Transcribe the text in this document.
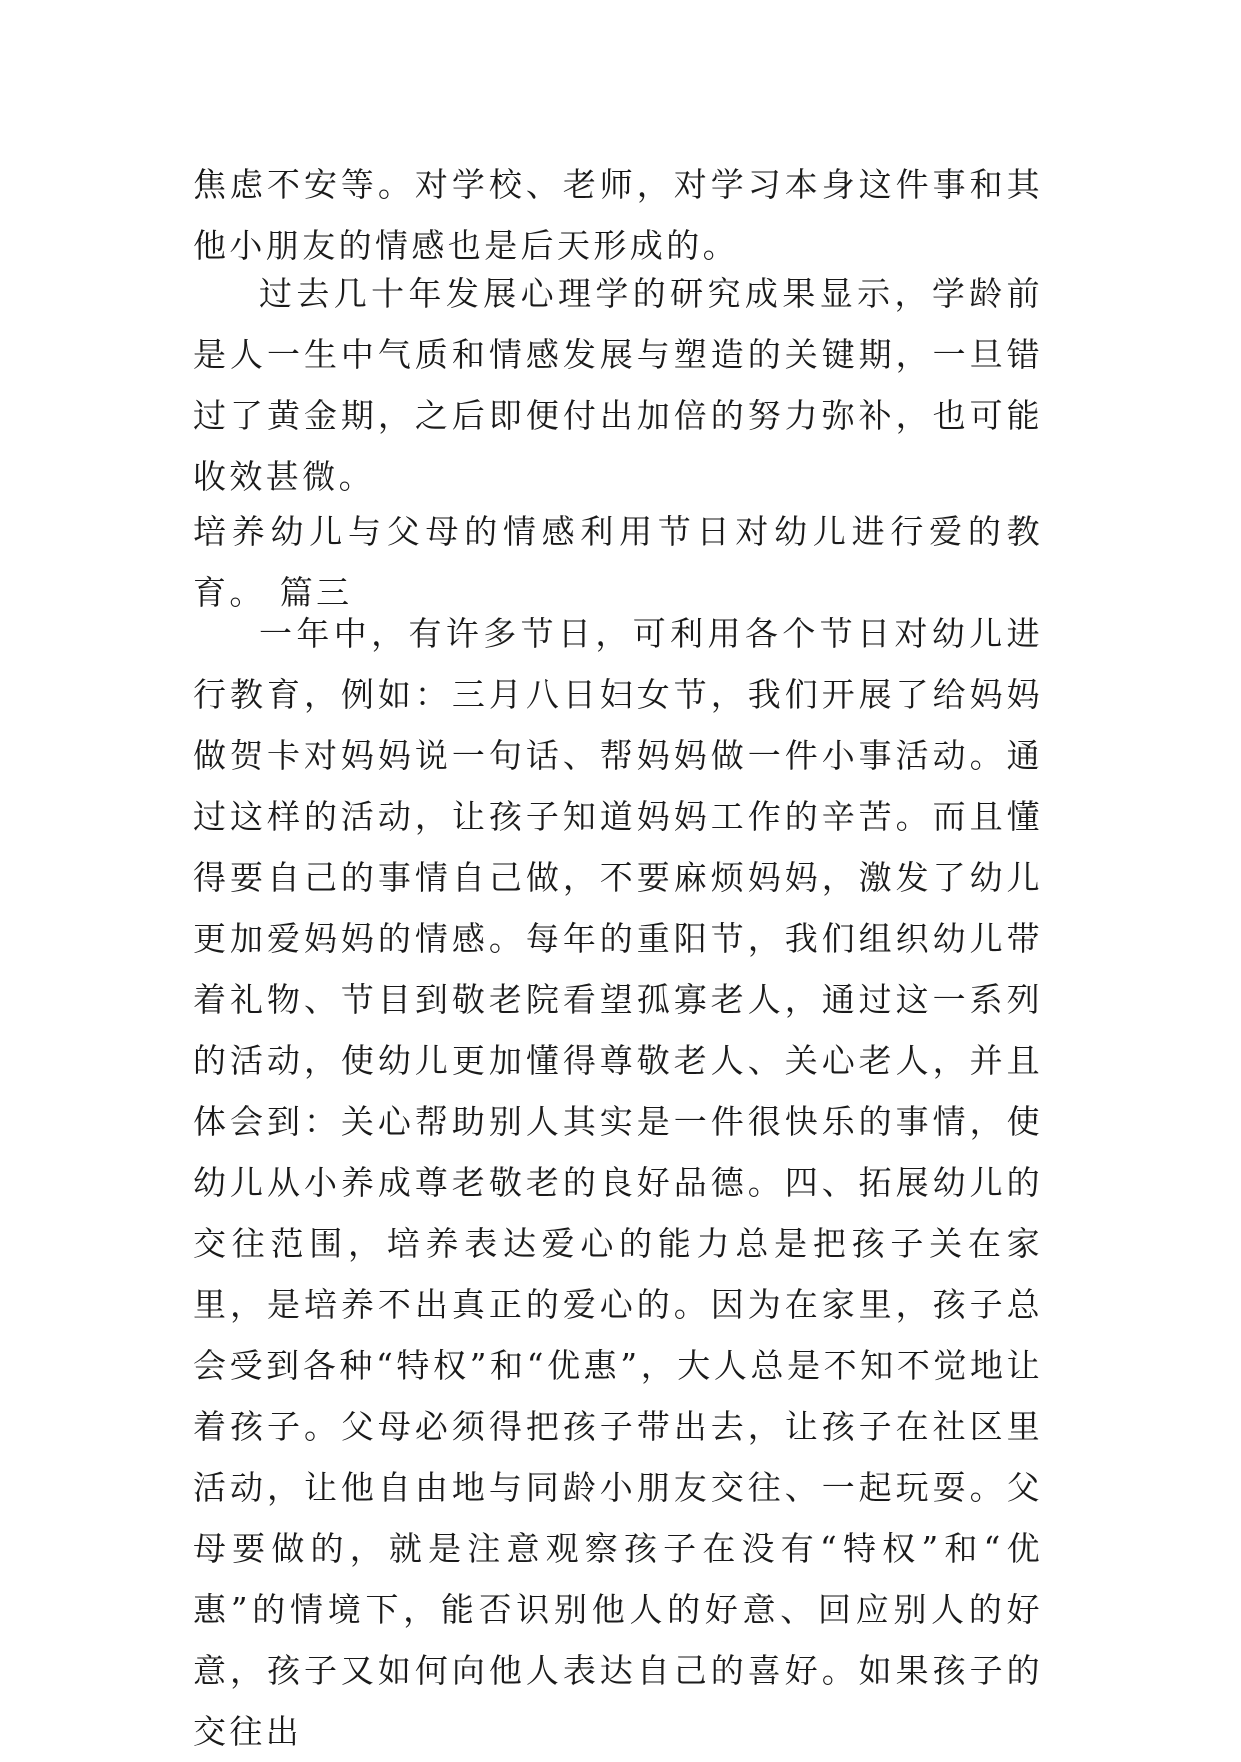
焦虑不安等。对学校、老师，对学习本身这件事和其他小朋友的情感也是后天形成的。

过去几十年发展心理学的研究成果显示，学龄前是人一生中气质和情感发展与塑造的关键期，一旦错过了黄金期，之后即便付出加倍的努力弥补，也可能收效甚微。

培养幼儿与父母的情感利用节日对幼儿进行爱的教育。 篇三

一年中，有许多节日，可利用各个节日对幼儿进行教育，例如：三月八日妇女节，我们开展了给妈妈做贺卡对妈妈说一句话、帮妈妈做一件小事活动。通过这样的活动，让孩子知道妈妈工作的辛苦。而且懂得要自己的事情自己做，不要麻烦妈妈，激发了幼儿更加爱妈妈的情感。每年的重阳节，我们组织幼儿带着礼物、节目到敬老院看望孤寡老人，通过这一系列的活动，使幼儿更加懂得尊敬老人、关心老人，并且体会到：关心帮助别人其实是一件很快乐的事情，使幼儿从小养成尊老敬老的良好品德。四、拓展幼儿的交往范围，培养表达爱心的能力总是把孩子关在家里，是培养不出真正的爱心的。因为在家里，孩子总会受到各种“特权”和“优惠”，大人总是不知不觉地让着孩子。父母必须得把孩子带出去，让孩子在社区里活动，让他自由地与同龄小朋友交往、一起玩耍。父母要做的，就是注意观察孩子在没有“特权”和“优惠”的情境下，能否识别他人的好意、回应别人的好意，孩子又如何向他人表达自己的喜好。如果孩子的交往出
